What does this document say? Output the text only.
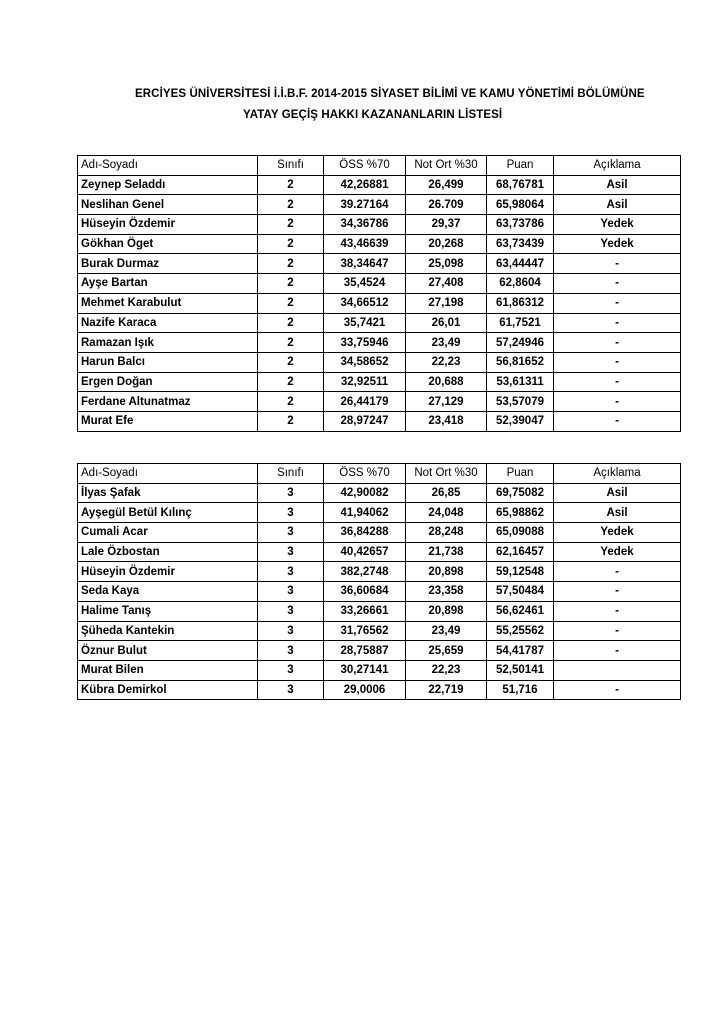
ERCİYES ÜNİVERSİTESİ İ.İ.B.F. 2014-2015 SİYASET BİLİMİ VE KAMU YÖNETİMİ BÖLÜMÜNE
YATAY GEÇİŞ HAKKI KAZANANLARIN LİSTESİ
Adı-Soyadı	Sınıfı	ÖSS %70	Not Ort %30	Puan	Açıklama
Zeynep Seladdı	2	42,26881	26,499	68,76781	Asil
Neslihan Genel	2	39.27164	26.709	65,98064	Asil
Hüseyin Özdemir	2	34,36786	29,37	63,73786	Yedek
Gökhan Öget	2	43,46639	20,268	63,73439	Yedek
Burak Durmaz	2	38,34647	25,098	63,44447	-
Ayşe Bartan	2	35,4524	27,408	62,8604	-
Mehmet Karabulut	2	34,66512	27,198	61,86312	-
Nazife Karaca	2	35,7421	26,01	61,7521	-
Ramazan Işık	2	33,75946	23,49	57,24946	-
Harun Balcı	2	34,58652	22,23	56,81652	-
Ergen Doğan	2	32,92511	20,688	53,61311	-
Ferdane Altunatmaz	2	26,44179	27,129	53,57079	-
Murat Efe	2	28,97247	23,418	52,39047	-
Adı-Soyadı	Sınıfı	ÖSS %70	Not Ort %30	Puan	Açıklama
İlyas Şafak	3	42,90082	26,85	69,75082	Asil
Ayşegül Betül Kılınç	3	41,94062	24,048	65,98862	Asil
Cumali Acar	3	36,84288	28,248	65,09088	Yedek
Lale Özbostan	3	40,42657	21,738	62,16457	Yedek
Hüseyin Özdemir	3	382,2748	20,898	59,12548	-
Seda Kaya	3	36,60684	23,358	57,50484	-
Halime Tanış	3	33,26661	20,898	56,62461	-
Şüheda Kantekin	3	31,76562	23,49	55,25562	-
Öznur Bulut	3	28,75887	25,659	54,41787	-
Murat Bilen	3	30,27141	22,23	52,50141	
Kübra Demirkol	3	29,0006	22,719	51,716	-
